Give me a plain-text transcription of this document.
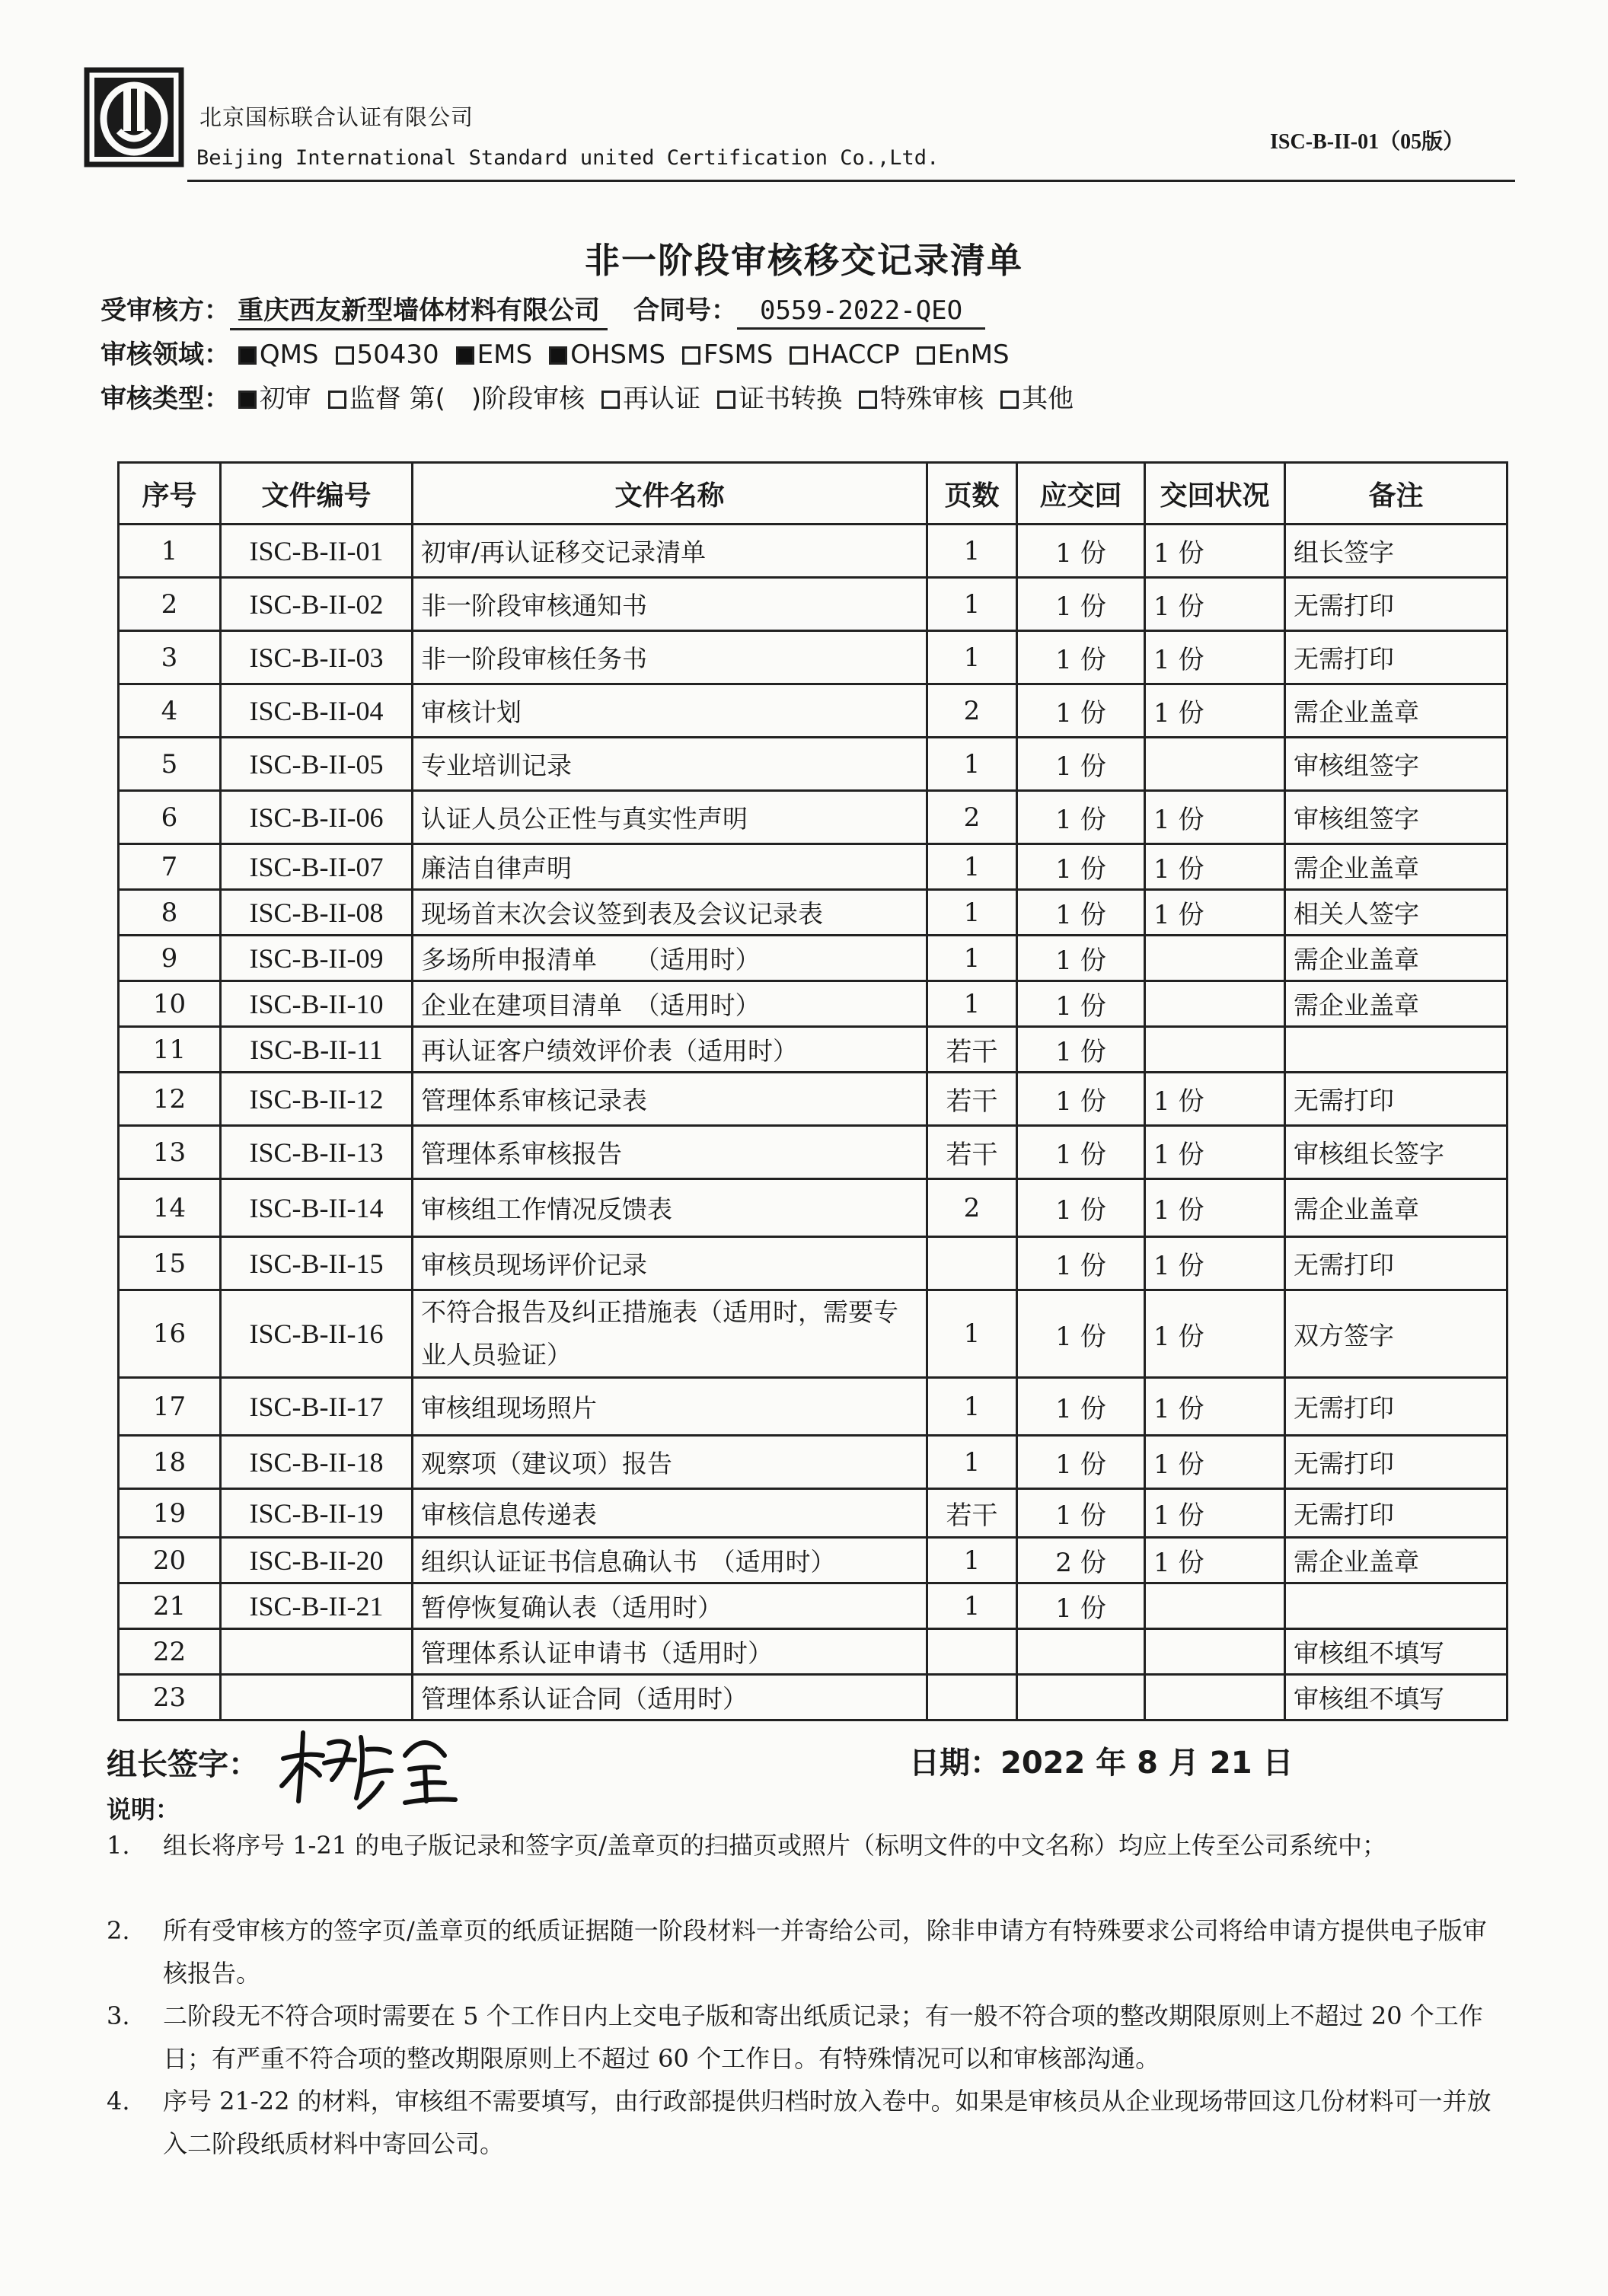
北京国标联合认证有限公司
Beijing International Standard united Certification Co.,Ltd.
ISC-B-II-01（05版）
非一阶段审核移交记录清单
受审核方： 重庆西友新型墙体材料有限公司 合同号： 0559-2022-QEO
审核领域： QMS 50430 EMS OHSMS FSMS HACCP EnMS
审核类型： 初审 监督 第(　)阶段审核 再认证 证书转换 特殊审核 其他
序号	文件编号	文件名称	页数	应交回	交回状况	备注
1	ISC-B-II-01	初审/再认证移交记录清单	1	1 份	1 份	组长签字
2	ISC-B-II-02	非一阶段审核通知书	1	1 份	1 份	无需打印
3	ISC-B-II-03	非一阶段审核任务书	1	1 份	1 份	无需打印
4	ISC-B-II-04	审核计划	2	1 份	1 份	需企业盖章
5	ISC-B-II-05	专业培训记录	1	1 份		审核组签字
6	ISC-B-II-06	认证人员公正性与真实性声明	2	1 份	1 份	审核组签字
7	ISC-B-II-07	廉洁自律声明	1	1 份	1 份	需企业盖章
8	ISC-B-II-08	现场首末次会议签到表及会议记录表	1	1 份	1 份	相关人签字
9	ISC-B-II-09	多场所申报清单　　（适用时）	1	1 份		需企业盖章
10	ISC-B-II-10	企业在建项目清单　（适用时）	1	1 份		需企业盖章
11	ISC-B-II-11	再认证客户绩效评价表（适用时）	若干	1 份		
12	ISC-B-II-12	管理体系审核记录表	若干	1 份	1 份	无需打印
13	ISC-B-II-13	管理体系审核报告	若干	1 份	1 份	审核组长签字
14	ISC-B-II-14	审核组工作情况反馈表	2	1 份	1 份	需企业盖章
15	ISC-B-II-15	审核员现场评价记录		1 份	1 份	无需打印
16	ISC-B-II-16	不符合报告及纠正措施表（适用时，需要专业人员验证）	1	1 份	1 份	双方签字
17	ISC-B-II-17	审核组现场照片	1	1 份	1 份	无需打印
18	ISC-B-II-18	观察项（建议项）报告	1	1 份	1 份	无需打印
19	ISC-B-II-19	审核信息传递表	若干	1 份	1 份	无需打印
20	ISC-B-II-20	组织认证证书信息确认书　（适用时）	1	2 份	1 份	需企业盖章
21	ISC-B-II-21	暂停恢复确认表（适用时）	1	1 份		
22		管理体系认证申请书（适用时）				审核组不填写
23		管理体系认证合同（适用时）				审核组不填写
组长签字：	日期：2022 年 8 月 21 日
说明：
1. 组长将序号 1-21 的电子版记录和签字页/盖章页的扫描页或照片（标明文件的中文名称）均应上传至公司系统中；
2. 所有受审核方的签字页/盖章页的纸质证据随一阶段材料一并寄给公司，除非申请方有特殊要求公司将给申请方提供电子版审核报告。
3. 二阶段无不符合项时需要在 5 个工作日内上交电子版和寄出纸质记录；有一般不符合项的整改期限原则上不超过 20 个工作日；有严重不符合项的整改期限原则上不超过 60 个工作日。有特殊情况可以和审核部沟通。
4. 序号 21-22 的材料，审核组不需要填写，由行政部提供归档时放入卷中。如果是审核员从企业现场带回这几份材料可一并放入二阶段纸质材料中寄回公司。
